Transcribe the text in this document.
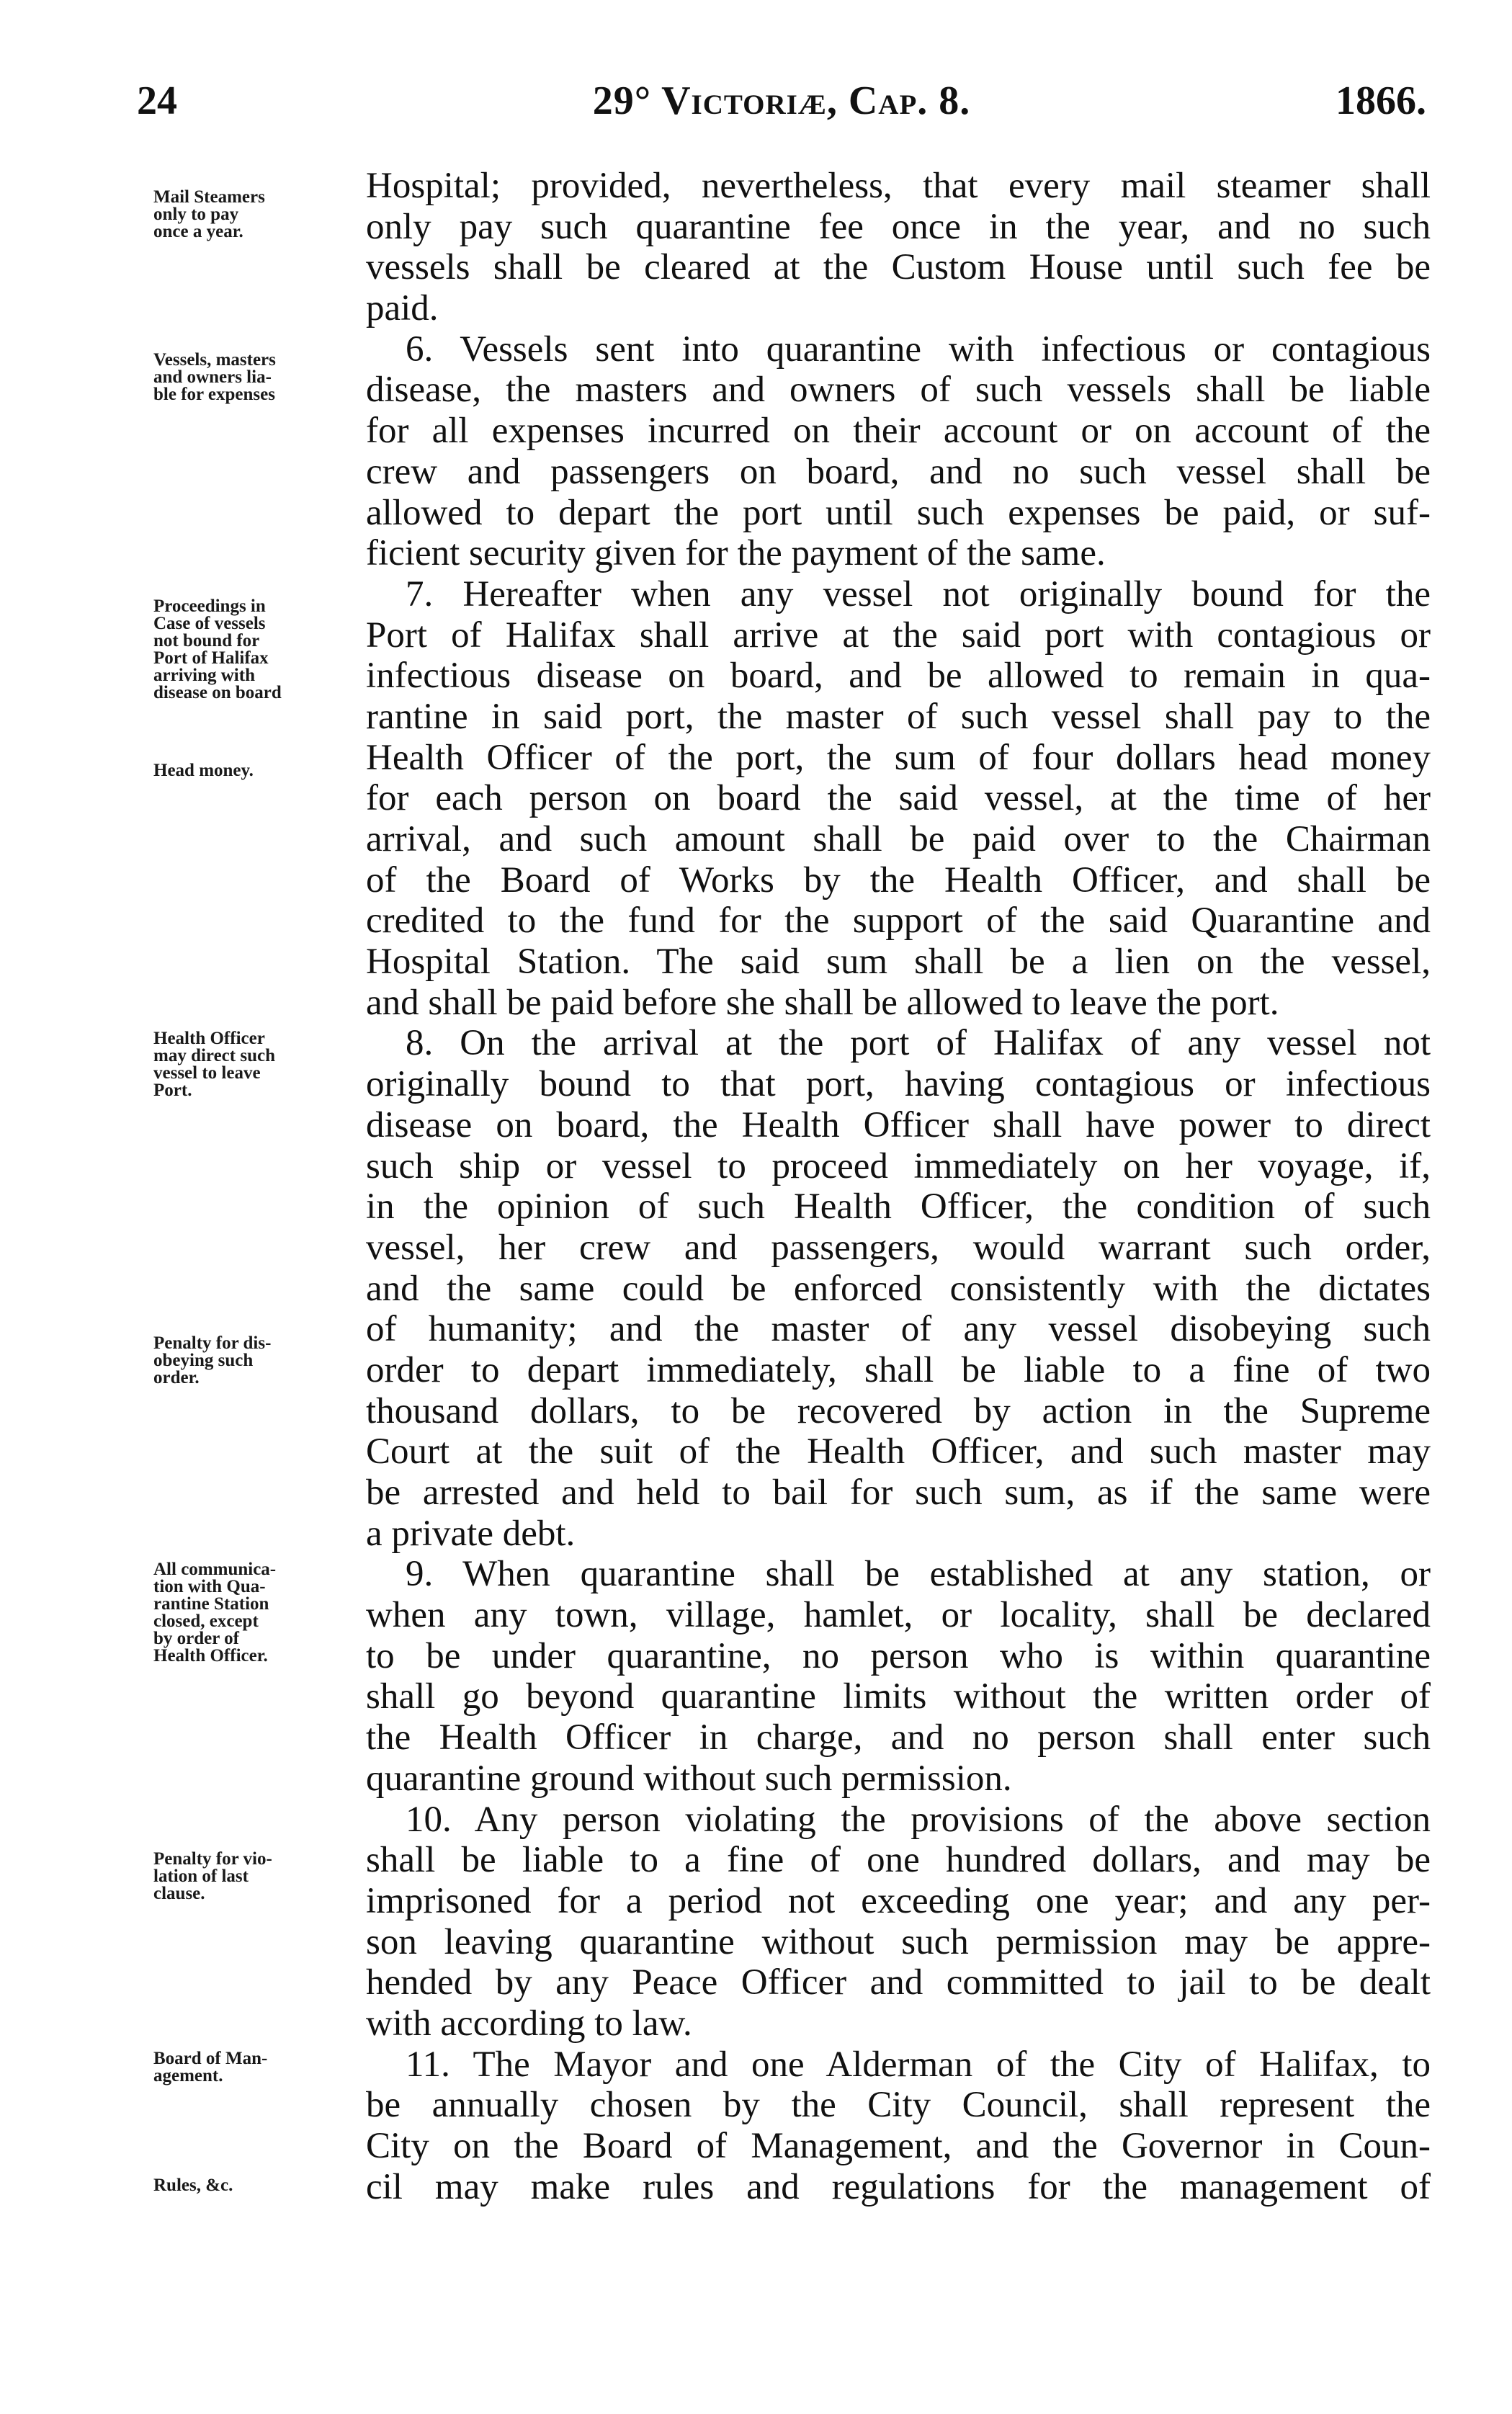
24	29° Victoriæ, Cap. 8.	1866.
Mail Steamers
only to pay
once a year.
Vessels, masters
and owners lia-
ble for expenses
Proceedings in
Case of vessels
not bound for
Port of Halifax
arriving with
disease on board
Head money.
Health Officer
may direct such
vessel to leave
Port.
Penalty for dis-
obeying such
order.
All communica-
tion with Qua-
rantine Station
closed, except
by order of
Health Officer.
Penalty for vio-
lation of last
clause.
Board of Man-
agement.
Rules, &c.
Hospital; provided, nevertheless, that every mail steamer shall
only pay such quarantine fee once in the year, and no such
vessels shall be cleared at the Custom House until such fee be
paid.
6. Vessels sent into quarantine with infectious or contagious
disease, the masters and owners of such vessels shall be liable
for all expenses incurred on their account or on account of the
crew and passengers on board, and no such vessel shall be
allowed to depart the port until such expenses be paid, or suf-
ficient security given for the payment of the same.
7. Hereafter when any vessel not originally bound for the
Port of Halifax shall arrive at the said port with contagious or
infectious disease on board, and be allowed to remain in qua-
rantine in said port, the master of such vessel shall pay to the
Health Officer of the port, the sum of four dollars head money
for each person on board the said vessel, at the time of her
arrival, and such amount shall be paid over to the Chairman
of the Board of Works by the Health Officer, and shall be
credited to the fund for the support of the said Quarantine and
Hospital Station. The said sum shall be a lien on the vessel,
and shall be paid before she shall be allowed to leave the port.
8. On the arrival at the port of Halifax of any vessel not
originally bound to that port, having contagious or infectious
disease on board, the Health Officer shall have power to direct
such ship or vessel to proceed immediately on her voyage, if,
in the opinion of such Health Officer, the condition of such
vessel, her crew and passengers, would warrant such order,
and the same could be enforced consistently with the dictates
of humanity; and the master of any vessel disobeying such
order to depart immediately, shall be liable to a fine of two
thousand dollars, to be recovered by action in the Supreme
Court at the suit of the Health Officer, and such master may
be arrested and held to bail for such sum, as if the same were
a private debt.
9. When quarantine shall be established at any station, or
when any town, village, hamlet, or locality, shall be declared
to be under quarantine, no person who is within quarantine
shall go beyond quarantine limits without the written order of
the Health Officer in charge, and no person shall enter such
quarantine ground without such permission.
10. Any person violating the provisions of the above section
shall be liable to a fine of one hundred dollars, and may be
imprisoned for a period not exceeding one year; and any per-
son leaving quarantine without such permission may be appre-
hended by any Peace Officer and committed to jail to be dealt
with according to law.
11. The Mayor and one Alderman of the City of Halifax, to
be annually chosen by the City Council, shall represent the
City on the Board of Management, and the Governor in Coun-
cil may make rules and regulations for the management of
